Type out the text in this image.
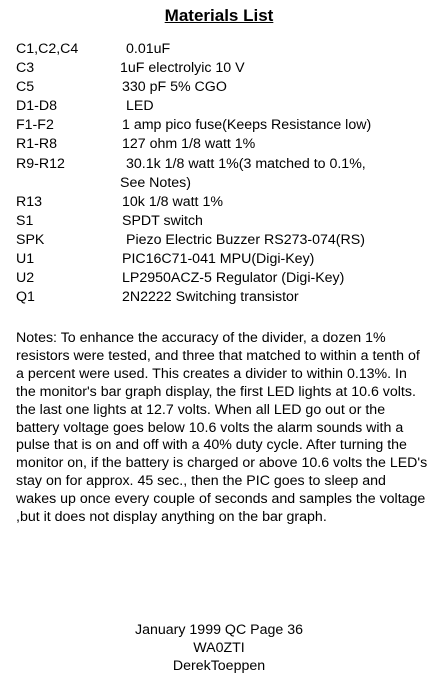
Materials List
C1,C2,C4	0.01uF
C3	1uF electrolyic 10 V
C5	330 pF 5% CGO
D1-D8	LED
F1-F2	1 amp pico fuse(Keeps Resistance low)
R1-R8	127 ohm 1/8 watt 1%
R9-R12	30.1k 1/8 watt 1%(3 matched to 0.1%,

See Notes)
R13	10k 1/8 watt 1%
S1	SPDT switch
SPK	Piezo Electric Buzzer RS273-074(RS)
U1	PIC16C71-041 MPU(Digi-Key)
U2	LP2950ACZ-5 Regulator (Digi-Key)
Q1	2N2222 Switching transistor

Notes: To enhance the accuracy of the divider, a dozen 1% resistors were tested, and three that matched to within a tenth of a percent were used. This creates a divider to within 0.13%. In the monitor's bar graph display, the first LED lights at 10.6 volts. the last one lights at 12.7 volts. When all LED go out or the battery voltage goes below 10.6 volts the alarm sounds with a pulse that is on and off with a 40% duty cycle. After turning the monitor on, if the battery is charged or above 10.6 volts the LED's stay on for approx. 45 sec., then the PIC goes to sleep and wakes up once every couple of seconds and samples the voltage ,but it does not display anything on the bar graph.

January 1999 QC Page 36
WA0ZTI
DerekToeppen
